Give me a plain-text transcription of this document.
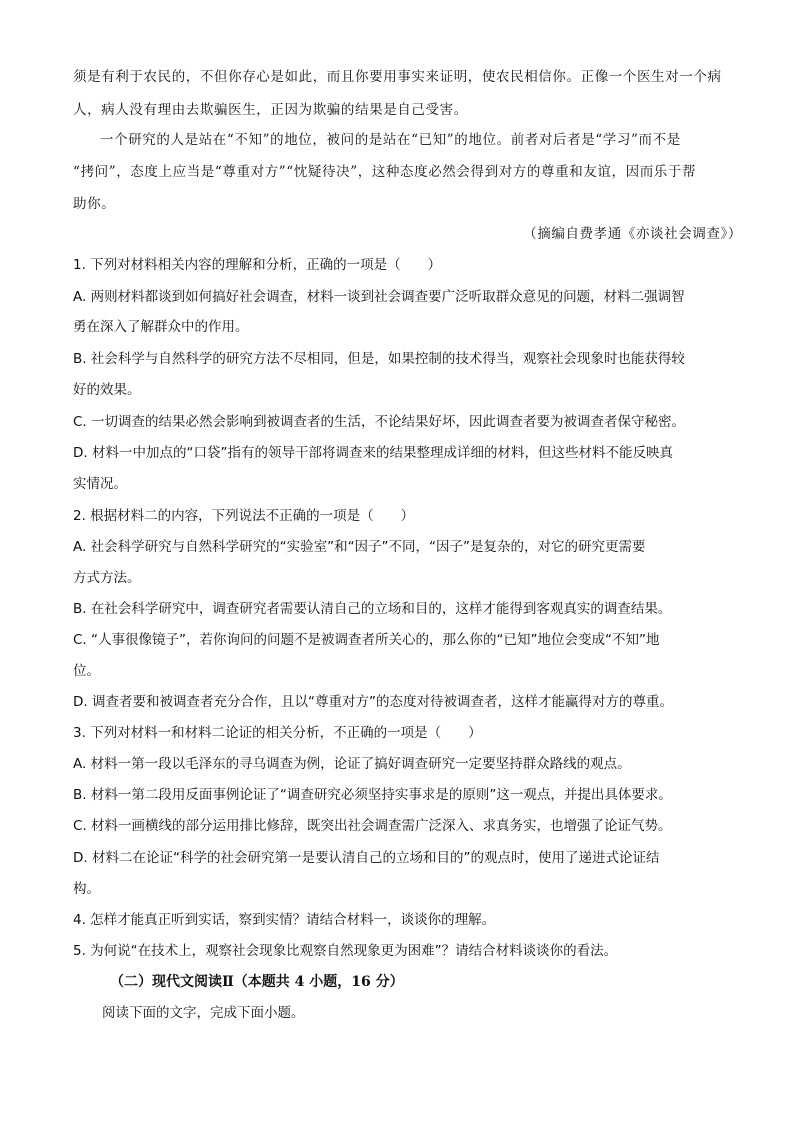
须是有利于农民的，不但你存心是如此，而且你要用事实来证明，使农民相信你。正像一个医生对一个病
人，病人没有理由去欺骗医生，正因为欺骗的结果是自己受害。
一个研究的人是站在“不知”的地位，被问的是站在“已知”的地位。前者对后者是“学习”而不是
“拷问”，态度上应当是“尊重对方”“忱疑待决”，这种态度必然会得到对方的尊重和友谊，因而乐于帮
助你。
（摘编自费孝通《亦谈社会调查》）
1. 下列对材料相关内容的理解和分析，正确的一项是（　　）
A. 两则材料都谈到如何搞好社会调查，材料一谈到社会调查要广泛听取群众意见的问题，材料二强调智
勇在深入了解群众中的作用。
B. 社会科学与自然科学的研究方法不尽相同，但是，如果控制的技术得当，观察社会现象时也能获得较
好的效果。
C. 一切调查的结果必然会影响到被调查者的生活，不论结果好坏，因此调查者要为被调查者保守秘密。
D. 材料一中加点的“口袋”指有的领导干部将调查来的结果整理成详细的材料，但这些材料不能反映真
实情况。
2. 根据材料二的内容，下列说法不正确的一项是（　　）
A. 社会科学研究与自然科学研究的“实验室”和“因子”不同，“因子”是复杂的，对它的研究更需要
方式方法。
B. 在社会科学研究中，调查研究者需要认清自己的立场和目的，这样才能得到客观真实的调查结果。
C. “人事很像镜子”，若你询问的问题不是被调查者所关心的，那么你的“已知”地位会变成“不知”地
位。
D. 调查者要和被调查者充分合作，且以“尊重对方”的态度对待被调查者，这样才能赢得对方的尊重。
3. 下列对材料一和材料二论证的相关分析，不正确的一项是（　　）
A. 材料一第一段以毛泽东的寻乌调查为例，论证了搞好调查研究一定要坚持群众路线的观点。
B. 材料一第二段用反面事例论证了“调查研究必须坚持实事求是的原则”这一观点，并提出具体要求。
C. 材料一画横线的部分运用排比修辞，既突出社会调查需广泛深入、求真务实，也增强了论证气势。
D. 材料二在论证“科学的社会研究第一是要认清自己的立场和目的”的观点时，使用了递进式论证结
构。
4. 怎样才能真正听到实话，察到实情？请结合材料一，谈谈你的理解。
5. 为何说“在技术上，观察社会现象比观察自然现象更为困难”？请结合材料谈谈你的看法。
（二）现代文阅读Ⅱ（本题共 4 小题，16 分）
阅读下面的文字，完成下面小题。
